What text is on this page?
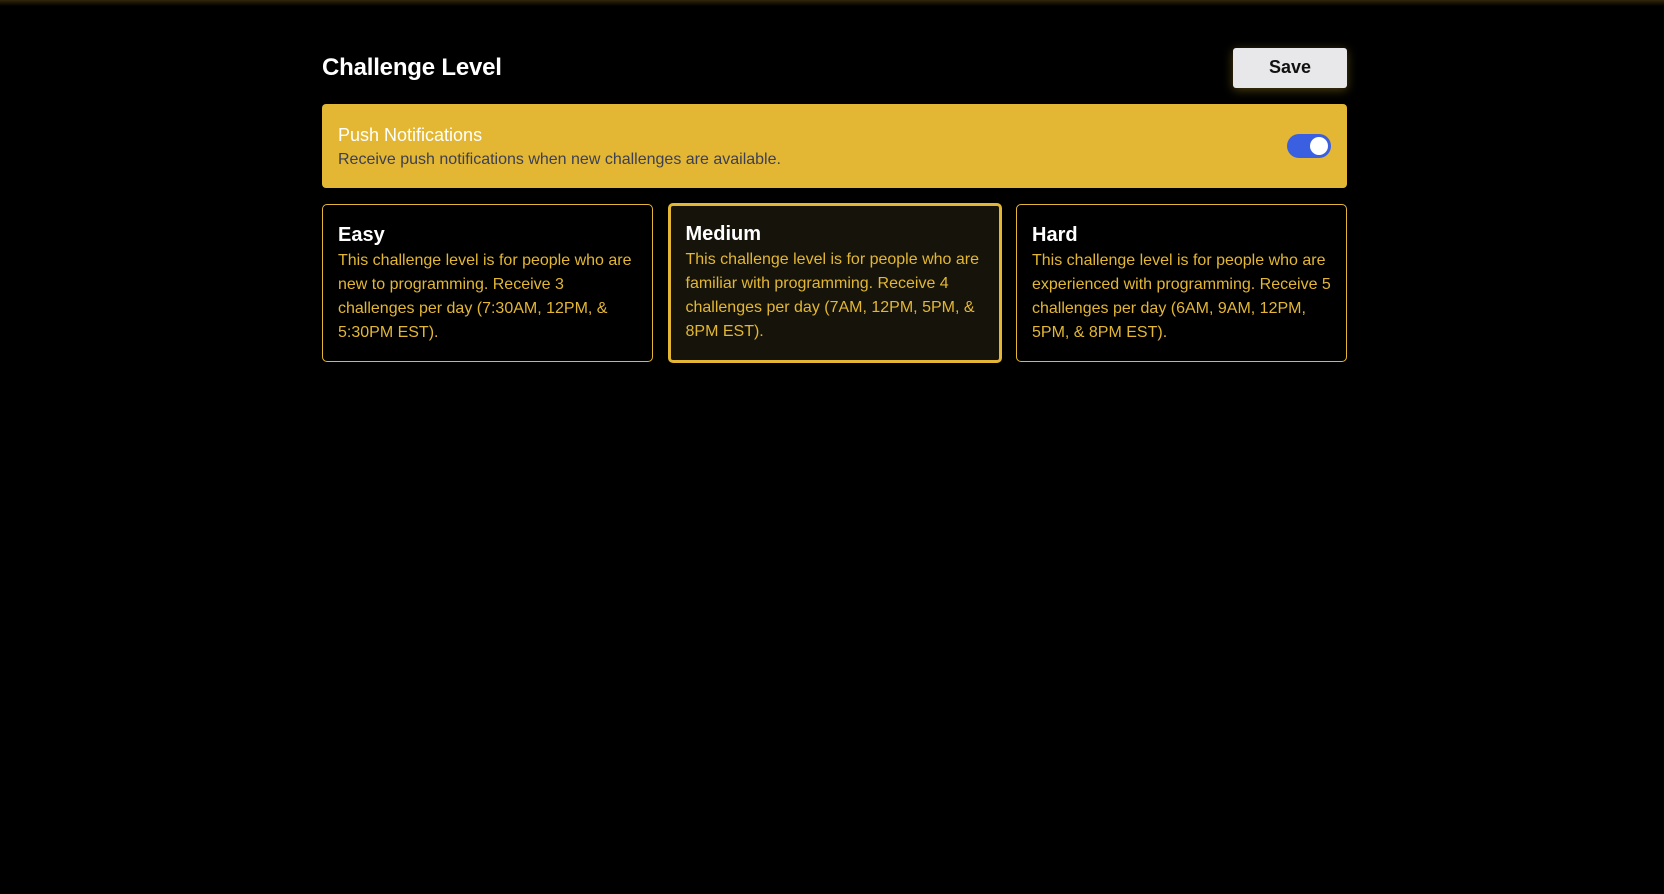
Challenge Level	Save

Push Notifications

Receive push notifications when new challenges are available.

Easy

This challenge level is for people who are new to programming. Receive 3 challenges per day (7:30AM, 12PM, & 5:30PM EST).

Medium

This challenge level is for people who are familiar with programming. Receive 4 challenges per day (7AM, 12PM, 5PM, & 8PM EST).

Hard

This challenge level is for people who are experienced with programming. Receive 5 challenges per day (6AM, 9AM, 12PM, 5PM, & 8PM EST).
